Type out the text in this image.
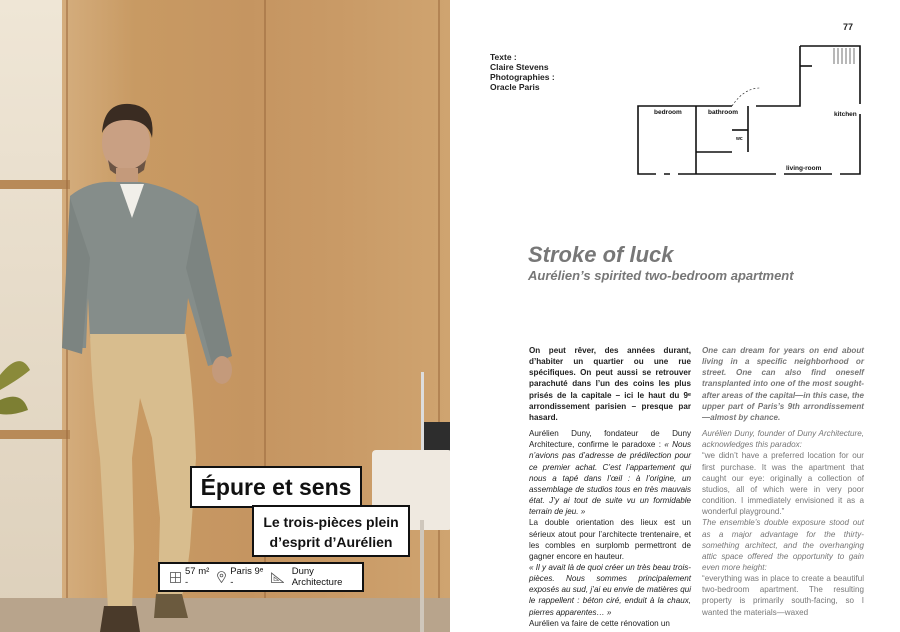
Épure et sens
Le trois-pièces plein
d’esprit d’Aurélien
57 m² -
Paris 9ᵉ -
Duny Architecture
77
Texte :
Claire Stevens
Photographies :
Oracle Paris
bedroom	bathroom
wc
kitchen
living-room
Stroke of luck
Aurélien’s spirited two-bedroom apartment

On peut rêver, des années durant, d’habiter un quartier ou une rue spécifiques. On peut aussi se retrouver parachuté dans l’un des coins les plus prisés de la capitale – ici le haut du 9ᵉ arrondissement parisien – presque par hasard.

Aurélien Duny, fondateur de Duny Architecture, confirme le paradoxe : « Nous n’avions pas d’adresse de prédilection pour ce premier achat. C’est l’appartement qui nous a tapé dans l’œil : à l’origine, un assemblage de studios tous en très mauvais état. J’y ai tout de suite vu un formidable terrain de jeu. »

La double orientation des lieux est un sérieux atout pour l’architecte trentenaire, et les combles en surplomb permettront de gagner encore en hauteur.

« Il y avait là de quoi créer un très beau trois-pièces. Nous sommes principalement exposés au sud, j’ai eu envie de matières qui le rappellent : béton ciré, enduit à la chaux, pierres apparentes… »

Aurélien va faire de cette rénovation un

One can dream for years on end about living in a specific neighborhood or street. One can also find oneself transplanted into one of the most sought-after areas of the capital—in this case, the upper part of Paris’s 9th arrondissement—almost by chance.

Aurélien Duny, founder of Duny Architecture, acknowledges this paradox:

“we didn’t have a preferred location for our first purchase. It was the apartment that caught our eye: originally a collection of studios, all of which were in very poor condition. I immediately envisioned it as a wonderful playground.”

The ensemble’s double exposure stood out as a major advantage for the thirty-something architect, and the overhanging attic space offered the opportunity to gain even more height:

“everything was in place to create a beautiful two-bedroom apartment. The resulting property is primarily south-facing, so I wanted the materials—waxed
